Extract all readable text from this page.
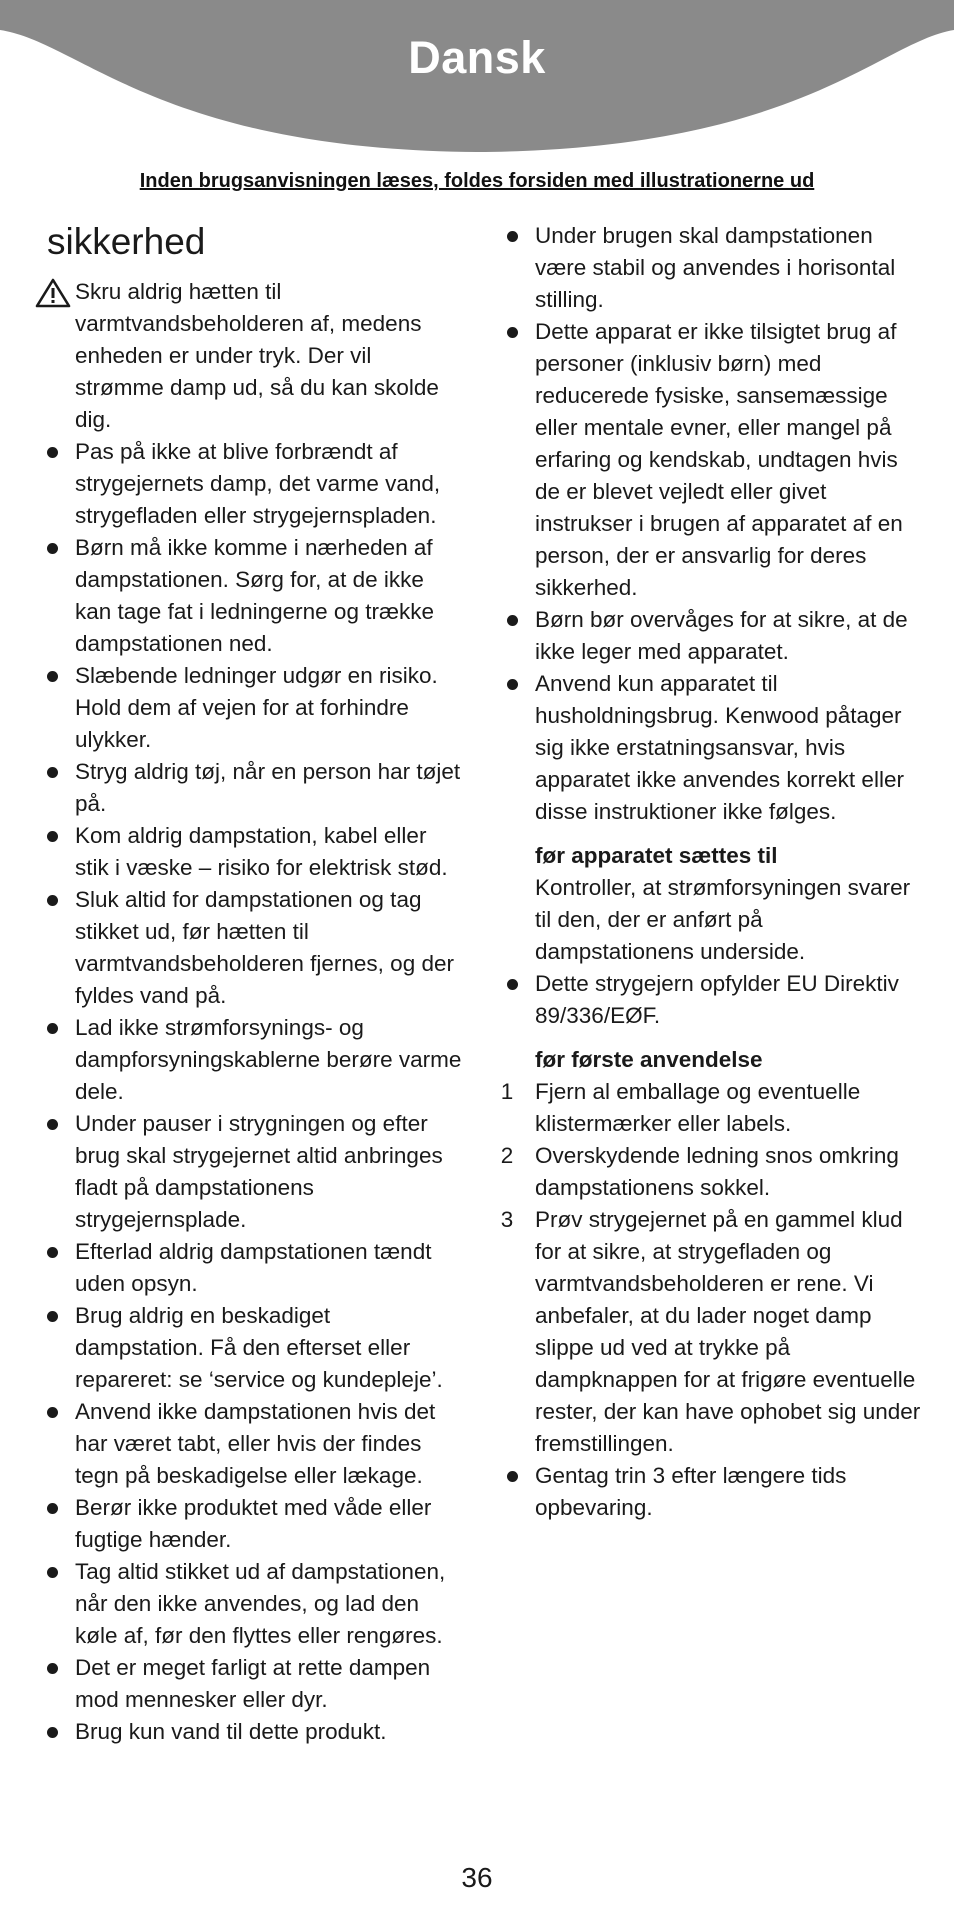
Dansk
Inden brugsanvisningen læses, foldes forsiden med illustrationerne ud
sikkerhed
Skru aldrig hætten til varmtvandsbeholderen af, medens enheden er under tryk. Der vil strømme damp ud, så du kan skolde dig.
Pas på ikke at blive forbrændt af strygejernets damp, det varme vand, strygefladen eller strygejernspladen.
Børn må ikke komme i nærheden af dampstationen. Sørg for, at de ikke kan tage fat i ledningerne og trække dampstationen ned.
Slæbende ledninger udgør en risiko. Hold dem af vejen for at forhindre ulykker.
Stryg aldrig tøj, når en person har tøjet på.
Kom aldrig dampstation, kabel eller stik i væske – risiko for elektrisk stød.
Sluk altid for dampstationen og tag stikket ud, før hætten til varmtvandsbeholderen fjernes, og der fyldes vand på.
Lad ikke strømforsynings- og dampforsyningskablerne berøre varme dele.
Under pauser i strygningen og efter brug skal strygejernet altid anbringes fladt på dampstationens strygejernsplade.
Efterlad aldrig dampstationen tændt uden opsyn.
Brug aldrig en beskadiget dampstation. Få den efterset eller repareret: se ‘service og kundepleje’.
Anvend ikke dampstationen hvis det har været tabt, eller hvis der findes tegn på beskadigelse eller lækage.
Berør ikke produktet med våde eller fugtige hænder.
Tag altid stikket ud af dampstationen, når den ikke anvendes, og lad den køle af, før den flyttes eller rengøres.
Det er meget farligt at rette dampen mod mennesker eller dyr.
Brug kun vand til dette produkt.
Under brugen skal dampstationen være stabil og anvendes i horisontal stilling.
Dette apparat er ikke tilsigtet brug af personer (inklusiv børn) med reducerede fysiske, sansemæssige eller mentale evner, eller mangel på erfaring og kendskab, undtagen hvis de er blevet vejledt eller givet instrukser i brugen af apparatet af en person, der er ansvarlig for deres sikkerhed.
Børn bør overvåges for at sikre, at de ikke leger med apparatet.
Anvend kun apparatet til husholdningsbrug. Kenwood påtager sig ikke erstatningsansvar, hvis apparatet ikke anvendes korrekt eller disse instruktioner ikke følges.
før apparatet sættes til
Kontroller, at strømforsyningen svarer til den, der er anført på dampstationens underside.
Dette strygejern opfylder EU Direktiv 89/336/EØF.
før første anvendelse
1 Fjern al emballage og eventuelle klistermærker eller labels.
2 Overskydende ledning snos omkring dampstationens sokkel.
3 Prøv strygejernet på en gammel klud for at sikre, at strygefladen og varmtvandsbeholderen er rene. Vi anbefaler, at du lader noget damp slippe ud ved at trykke på dampknappen for at frigøre eventuelle rester, der kan have ophobet sig under fremstillingen.
Gentag trin 3 efter længere tids opbevaring.
36
